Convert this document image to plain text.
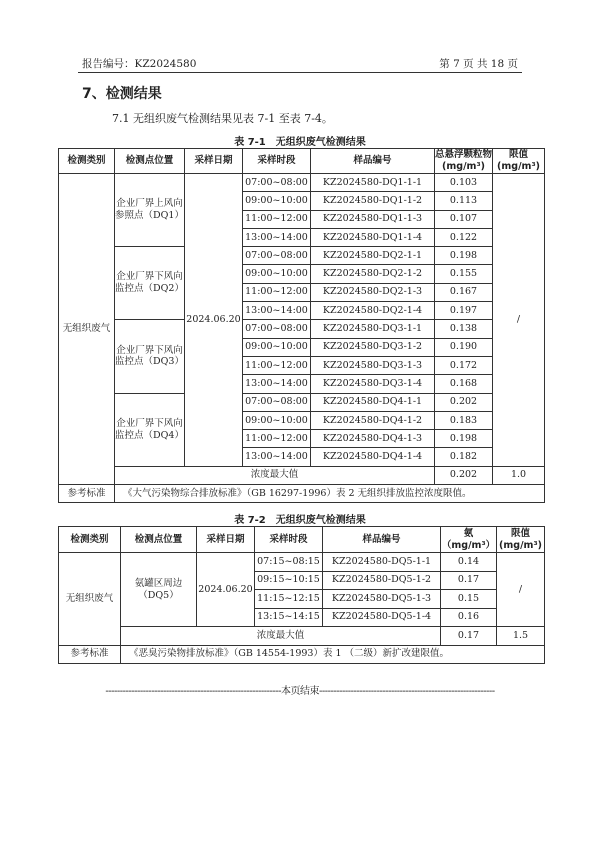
报告编号：KZ2024580	第 7 页 共 18 页
7、检测结果
7.1 无组织废气检测结果见表 7-1 至表 7-4。
表 7-1　无组织废气检测结果
检测类别	检测点位置	采样日期	采样时段	样品编号	总悬浮颗粒物 (mg/m³)	限值 (mg/m³)
无组织废气	企业厂界上风向参照点（DQ1）	2024.06.20	07:00~08:00	KZ2024580-DQ1-1-1	0.103	/
			09:00~10:00	KZ2024580-DQ1-1-2	0.113	
			11:00~12:00	KZ2024580-DQ1-1-3	0.107	
			13:00~14:00	KZ2024580-DQ1-1-4	0.122	
	企业厂界下风向监控点（DQ2）		07:00~08:00	KZ2024580-DQ2-1-1	0.198	
			09:00~10:00	KZ2024580-DQ2-1-2	0.155	
			11:00~12:00	KZ2024580-DQ2-1-3	0.167	
			13:00~14:00	KZ2024580-DQ2-1-4	0.197	
	企业厂界下风向监控点（DQ3）		07:00~08:00	KZ2024580-DQ3-1-1	0.138	
			09:00~10:00	KZ2024580-DQ3-1-2	0.190	
			11:00~12:00	KZ2024580-DQ3-1-3	0.172	
			13:00~14:00	KZ2024580-DQ3-1-4	0.168	
	企业厂界下风向监控点（DQ4）		07:00~08:00	KZ2024580-DQ4-1-1	0.202	
			09:00~10:00	KZ2024580-DQ4-1-2	0.183	
			11:00~12:00	KZ2024580-DQ4-1-3	0.198	
			13:00~14:00	KZ2024580-DQ4-1-4	0.182	
	浓度最大值				0.202	1.0
参考标准	《大气污染物综合排放标准》（GB 16297-1996）表 2 无组织排放监控浓度限值。					
表 7-2　无组织废气检测结果
检测类别	检测点位置	采样日期	采样时段	样品编号	氨（mg/m³）	限值 (mg/m³)
无组织废气	氨罐区周边（DQ5）	2024.06.20	07:15~08:15	KZ2024580-DQ5-1-1	0.14	/
			09:15~10:15	KZ2024580-DQ5-1-2	0.17	
			11:15~12:15	KZ2024580-DQ5-1-3	0.15	
			13:15~14:15	KZ2024580-DQ5-1-4	0.16	
	浓度最大值				0.17	1.5
参考标准	《恶臭污染物排放标准》（GB 14554-1993）表 1 （二级）新扩改建限值。					
-------------------------------------------------------------本页结束-------------------------------------------------------------
